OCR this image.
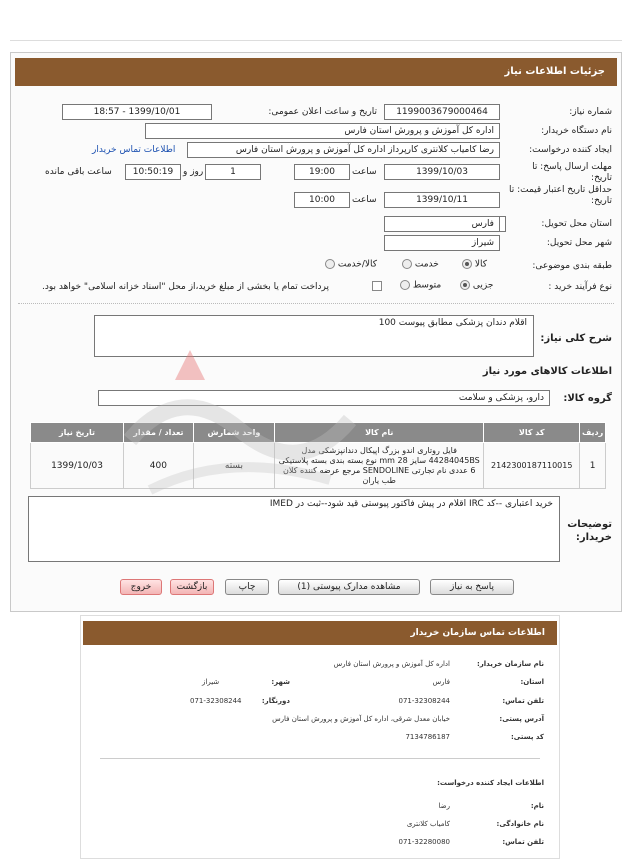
جزئیات اطلاعات نیاز
شماره نیاز:
1199003679000464
تاریخ و ساعت اعلان عمومی:
1399/10/01 - 18:57
نام دستگاه خریدار:
اداره کل آموزش و پرورش استان فارس
ایجاد کننده درخواست:
رضا کامیاب کلانتری کارپرداز اداره کل آموزش و پرورش استان فارس
اطلاعات تماس خریدار
مهلت ارسال پاسخ: تا تاریخ:
1399/10/03
ساعت
19:00
1
روز و
10:50:19
ساعت باقی مانده
حداقل تاریخ اعتبار قیمت: تا تاریخ:
1399/10/11
ساعت
10:00
استان محل تحویل:
فارس
شهر محل تحویل:
شیراز
طبقه بندی موضوعی:
کالا
خدمت
کالا/خدمت
نوع فرآیند خرید :
جزیی
متوسط
پرداخت تمام یا بخشی از مبلغ خرید،از محل "اسناد خزانه اسلامی" خواهد بود.
شرح کلی نیاز:
اقلام دندان پزشکی مطابق پیوست 100
اطلاعات کالاهای مورد نیاز
گروه کالا:
دارو، پزشکی و سلامت
ردیف	کد کالا	نام کالا	واحد شمارش	تعداد / مقدار	تاریخ نیاز
1	2142300187110015	فایل روتاری اندو بزرگ اپیکال دندانپزشکی مدل 44284045BS سایز 28 mm نوع بسته بندی بسته پلاستیکی 6 عددی نام تجارتی SENDOLINE مرجع عرضه کننده کلان طب یاران	بسته	400	1399/10/03
توضیحات خریدار:
خرید اعتباری --کد IRC اقلام در پیش فاکتور پیوستی قید شود--ثبت در IMED
پاسخ به نیاز
مشاهده مدارک پیوستی (1)
چاپ
بازگشت
خروج
اطلاعات تماس سازمان خریدار
نام سازمان خریدار:
اداره کل آموزش و پرورش استان فارس
استان:
فارس
شهر:
شیراز
تلفن تماس:
071-32308244
دورنگار:
071-32308244
آدرس پستی:
خیابان معدل شرقی، اداره کل آموزش و پرورش استان فارس
کد پستی:
7134786187
اطلاعات ایجاد کننده درخواست:
نام:
رضا
نام خانوادگی:
کامیاب کلانتری
تلفن تماس:
071-32280080
